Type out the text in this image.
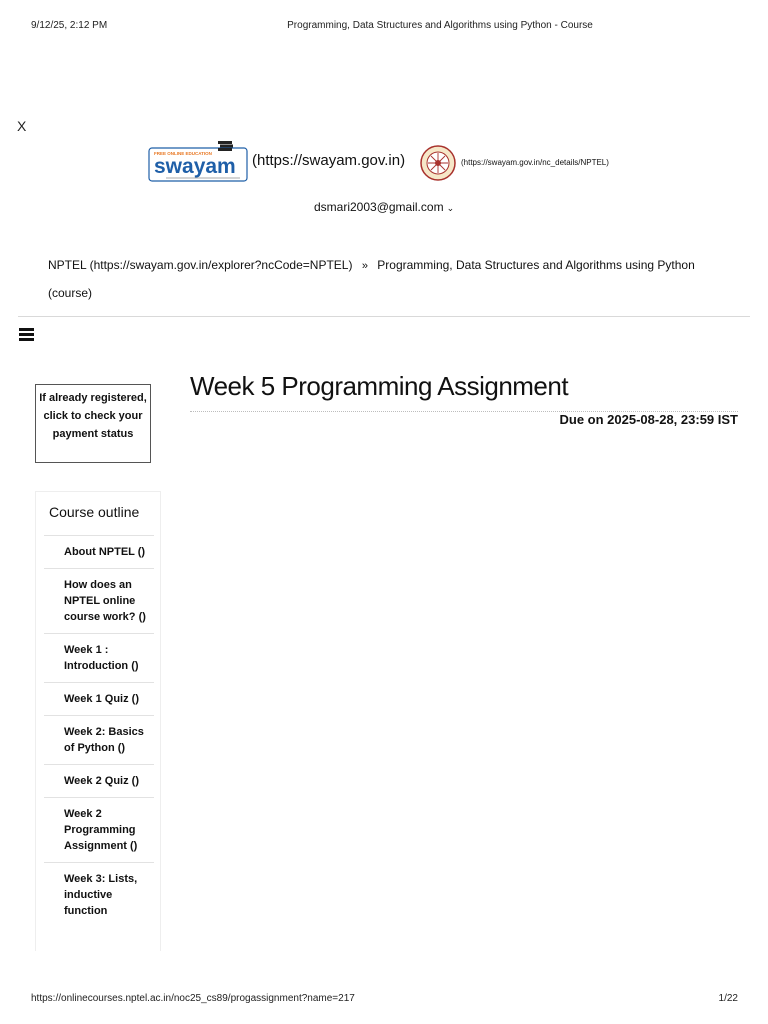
9/12/25, 2:12 PM	Programming, Data Structures and Algorithms using Python - Course
X
FREE ONLINE EDUCATION
swayam (https://swayam.gov.in)	(https://swayam.gov.in/nc_details/NPTEL)
dsmari2003@gmail.com ⌄
NPTEL (https://swayam.gov.in/explorer?ncCode=NPTEL) » Programming, Data Structures and Algorithms using Python (course)
If already registered, click to check your payment status
Course outline
About NPTEL ()
How does an NPTEL online course work? ()
Week 1 : Introduction ()
Week 1 Quiz ()
Week 2: Basics of Python ()
Week 2 Quiz ()
Week 2 Programming Assignment ()
Week 3: Lists, inductive function
Week 5 Programming Assignment
Due on 2025-08-28, 23:59 IST
https://onlinecourses.nptel.ac.in/noc25_cs89/progassignment?name=217	1/22
